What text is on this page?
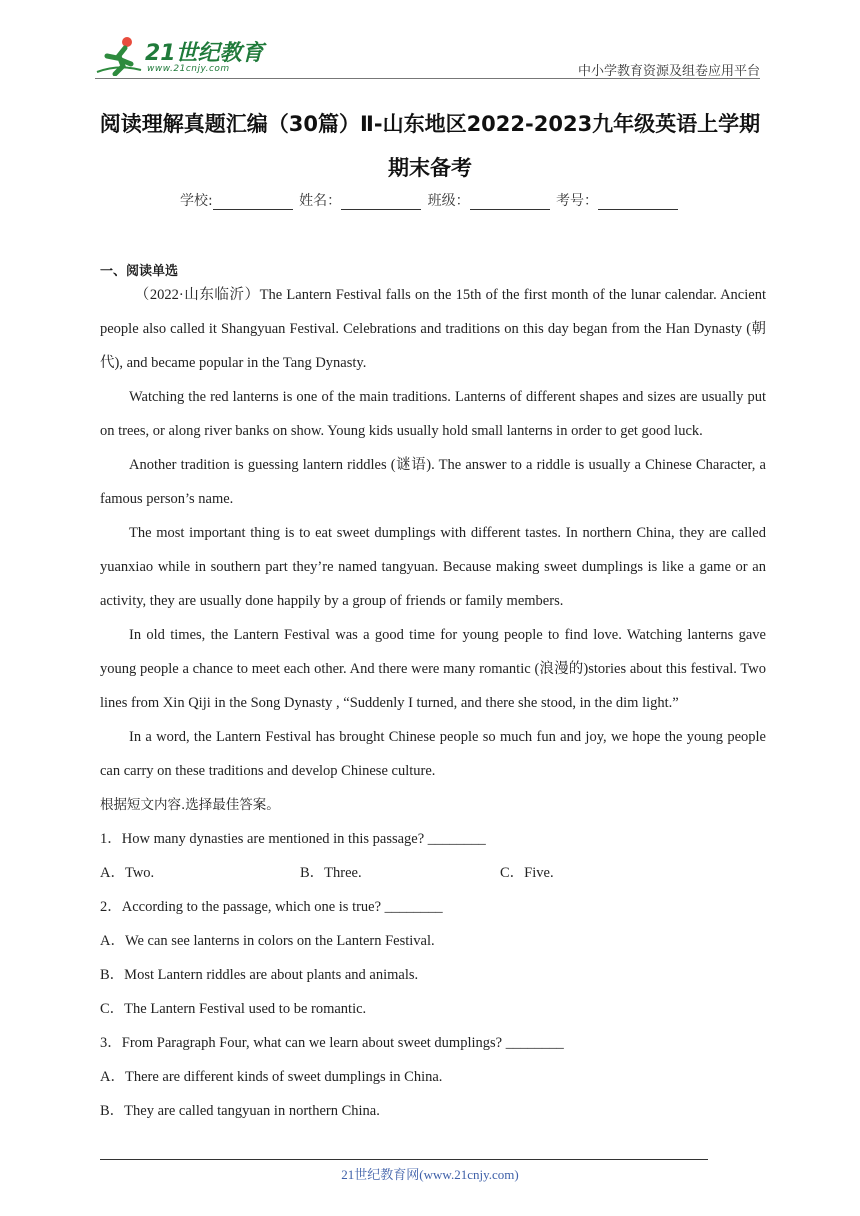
21世纪教育
www.21cnjy.com	中小学教育资源及组卷应用平台
阅读理解真题汇编（30篇）Ⅱ-山东地区2022-2023九年级英语上学期
期末备考
学校:	姓名：	班级：	考号：
一、阅读单选

（2022·山东临沂）The Lantern Festival falls on the 15th of the first month of the lunar calendar. Ancient people also called it Shangyuan Festival. Celebrations and traditions on this day began from the Han Dynasty (朝代), and became popular in the Tang Dynasty.

Watching the red lanterns is one of the main traditions. Lanterns of different shapes and sizes are usually put on trees, or along river banks on show. Young kids usually hold small lanterns in order to get good luck.

Another tradition is guessing lantern riddles (谜语). The answer to a riddle is usually a Chinese Character, a famous person’s name.

The most important thing is to eat sweet dumplings with different tastes. In northern China, they are called yuanxiao while in southern part they’re named tangyuan. Because making sweet dumplings is like a game or an activity, they are usually done happily by a group of friends or family members.

In old times, the Lantern Festival was a good time for young people to find love. Watching lanterns gave young people a chance to meet each other. And there were many romantic (浪漫的)stories about this festival. Two lines from Xin Qiji in the Song Dynasty , “Suddenly I turned, and there she stood, in the dim light.”

In a word, the Lantern Festival has brought Chinese people so much fun and joy, we hope the young people can carry on these traditions and develop Chinese culture.

根据短文内容.选择最佳答案。
1．How many dynasties are mentioned in this passage? ________
A．Two.	B．Three.	C．Five.
2．According to the passage, which one is true? ________
A．We can see lanterns in colors on the Lantern Festival.
B．Most Lantern riddles are about plants and animals.
C．The Lantern Festival used to be romantic.
3．From Paragraph Four, what can we learn about sweet dumplings? ________
A．There are different kinds of sweet dumplings in China.
B．They are called tangyuan in northern China.
21世纪教育网(www.21cnjy.com)
